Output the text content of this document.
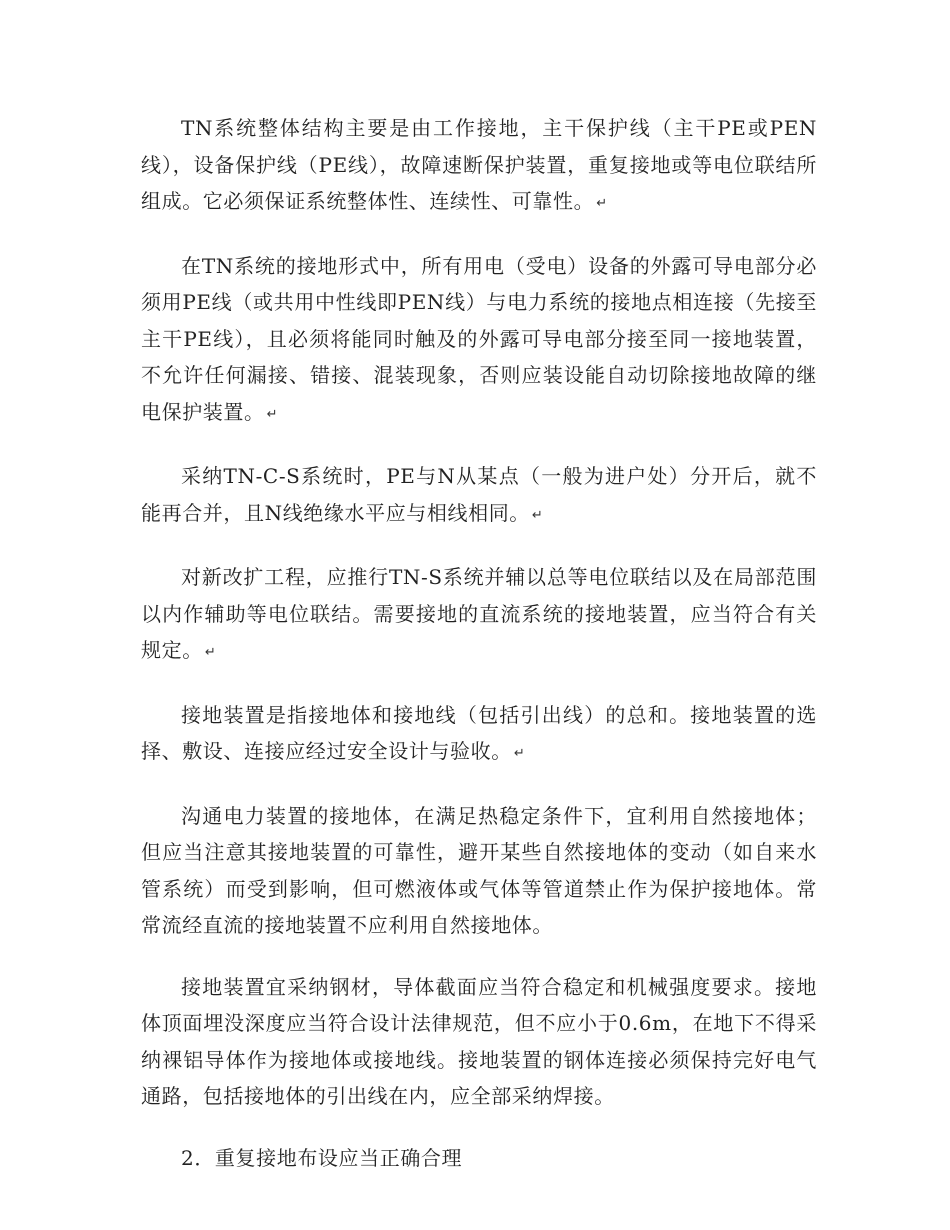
TN系统整体结构主要是由工作接地，主干保护线（主干PE或PEN线），设备保护线（PE线），故障速断保护装置，重复接地或等电位联结所组成。它必须保证系统整体性、连续性、可靠性。 ↵

在TN系统的接地形式中，所有用电（受电）设备的外露可导电部分必须用PE线（或共用中性线即PEN线）与电力系统的接地点相连接（先接至主干PE线），且必须将能同时触及的外露可导电部分接至同一接地装置，不允许任何漏接、错接、混装现象，否则应装设能自动切除接地故障的继电保护装置。 ↵

采纳TN-C-S系统时，PE与N从某点（一般为进户处）分开后，就不能再合并，且N线绝缘水平应与相线相同。 ↵

对新改扩工程，应推行TN-S系统并辅以总等电位联结以及在局部范围以内作辅助等电位联结。需要接地的直流系统的接地装置，应当符合有关规定。 ↵

接地装置是指接地体和接地线（包括引出线）的总和。接地装置的选择、敷设、连接应经过安全设计与验收。 ↵

沟通电力装置的接地体，在满足热稳定条件下，宜利用自然接地体；但应当注意其接地装置的可靠性，避开某些自然接地体的变动（如自来水管系统）而受到影响，但可燃液体或气体等管道禁止作为保护接地体。常常流经直流的接地装置不应利用自然接地体。

接地装置宜采纳钢材，导体截面应当符合稳定和机械强度要求。接地体顶面埋没深度应当符合设计法律规范，但不应小于0.6m，在地下不得采纳裸铝导体作为接地体或接地线。接地装置的钢体连接必须保持完好电气通路，包括接地体的引出线在内，应全部采纳焊接。

2．重复接地布设应当正确合理
